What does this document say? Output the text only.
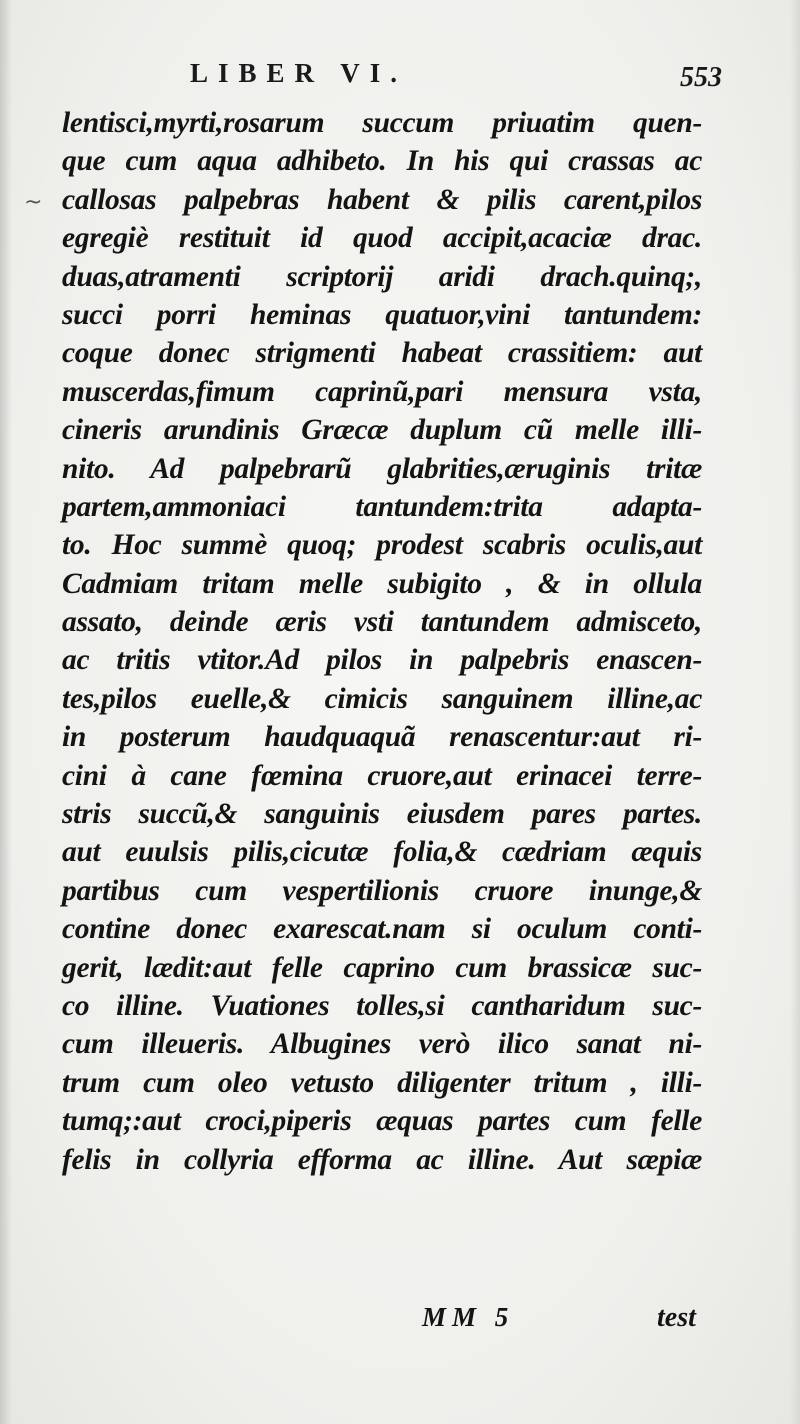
LIBER VI.	553
lentisci,myrti,rosarum succum priuatim quen-
que cum aqua adhibeto. In his qui crassas ac
callosas palpebras habent & pilis carent,pilos
egregiè restituit id quod accipit,acaciæ drac.
duas,atramenti scriptorij aridi drach.quinq;,
succi porri heminas quatuor,vini tantundem:
coque donec strigmenti habeat crassitiem: aut
muscerdas,fimum caprinũ,pari mensura vsta,
cineris arundinis Græcæ duplum cũ melle illi-
nito. Ad palpebrarũ glabrities,æruginis tritæ
partem,ammoniaci tantundem:trita adapta-
to. Hoc summè quoq; prodest scabris oculis,aut
Cadmiam tritam melle subigito , & in ollula
assato, deinde æris vsti tantundem admisceto,
ac tritis vtitor.Ad pilos in palpebris enascen-
tes,pilos euelle,& cimicis sanguinem illine,ac
in posterum haudquaquã renascentur:aut ri-
cini à cane fœmina cruore,aut erinacei terre-
stris succũ,& sanguinis eiusdem pares partes.
aut euulsis pilis,cicutæ folia,& cædriam æquis
partibus cum vespertilionis cruore inunge,&
contine donec exarescat.nam si oculum conti-
gerit, lædit:aut felle caprino cum brassicæ suc-
co illine. Vuationes tolles,si cantharidum suc-
cum illeueris. Albugines verò ilico sanat ni-
trum cum oleo vetusto diligenter tritum , illi-
tumq;:aut croci,piperis æquas partes cum felle
felis in collyria efforma ac illine. Aut sæpiæ
MM 5	test
~
